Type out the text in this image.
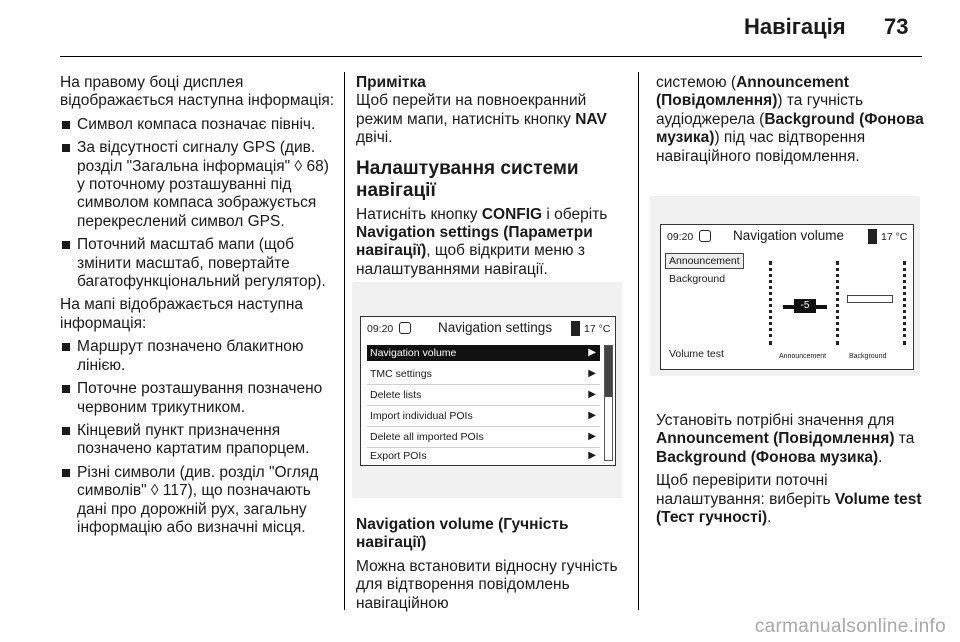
Навігація 73

На правому боці дисплея відображається наступна інформація:

Символ компаса позначає північ.
За відсутності сигналу GPS (див. розділ "Загальна інформація" ◊ 68) у поточному розташуванні під символом компаса зображується перекреслений символ GPS.
Поточний масштаб мапи (щоб змінити масштаб, повертайте багатофункціональний регулятор).

На мапі відображається наступна інформація:

Маршрут позначено блакитною лінією.
Поточне розташування позначено червоним трикутником.
Кінцевий пункт призначення позначено картатим прапорцем.
Різні символи (див. розділ "Огляд символів" ◊ 117), що позначають дані про дорожній рух, загальну інформацію або визначні місця.

Примітка

Щоб перейти на повноекранний режим мапи, натисніть кнопку NAV двічі.

Налаштування системи навігації

Натисніть кнопку CONFIG і оберіть Navigation settings (Параметри навігації), щоб відкрити меню з налаштуваннями навігації.

09:20	Navigation settings	17 °C
Navigation volume	▶
TMC settings	▶
Delete lists	▶
Import individual POIs	▶
Delete all imported POIs	▶
Export POIs	▶

Navigation volume (Гучність навігації)

Можна встановити відносну гучність для відтворення повідомлень навігаційною

системою (Announcement (Повідомлення)) та гучність аудіоджерела (Background (Фонова музика)) під час відтворення навігаційного повідомлення.

09:20	Navigation volume	17 °C
Announcement
Background
Volume test
-5
Announcement	Background

Установіть потрібні значення для Announcement (Повідомлення) та Background (Фонова музика).

Щоб перевірити поточні налаштування: виберіть Volume test (Тест гучності).

carmanualsonline.info
